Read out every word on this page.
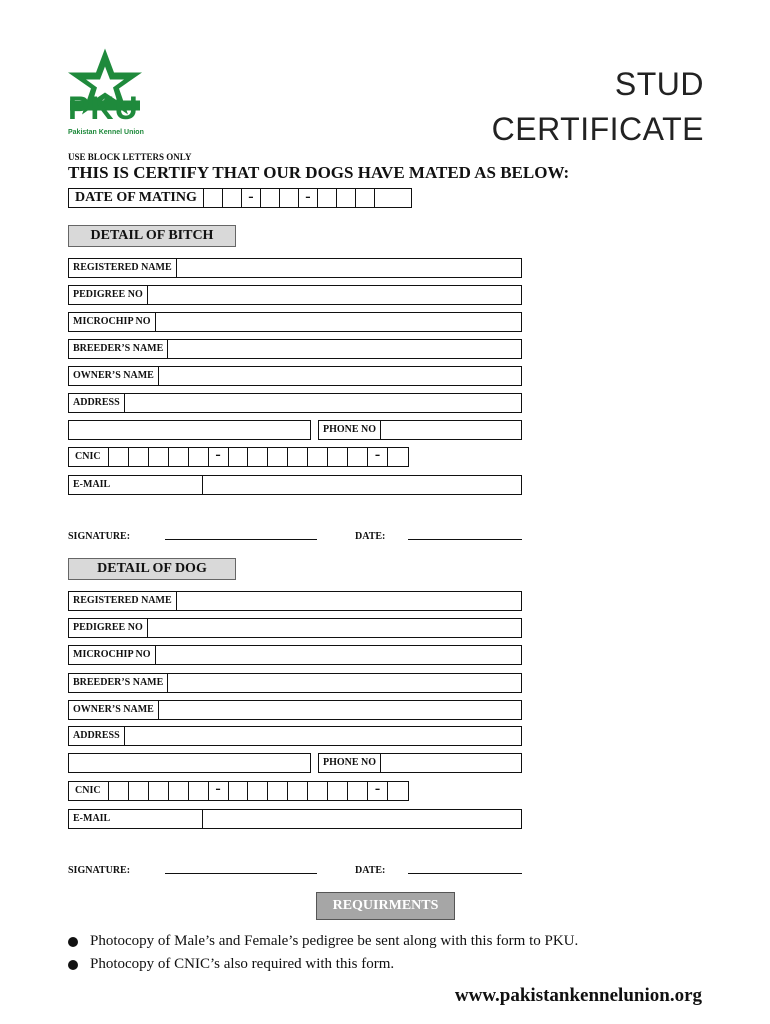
PKU
Pakistan Kennel Union
STUD
CERTIFICATE
USE BLOCK LETTERS ONLY
THIS IS CERTIFY THAT OUR DOGS HAVE MATED AS BELOW:
DATE OF MATING	-	-
DETAIL OF BITCH
REGISTERED NAME
PEDIGREE NO
MICROCHIP NO
BREEDER’S NAME
OWNER’S NAME
ADDRESS
PHONE NO
CNIC	-	-
E-MAIL
SIGNATURE:	DATE:
DETAIL OF DOG
REGISTERED NAME
PEDIGREE NO
MICROCHIP NO
BREEDER’S NAME
OWNER’S NAME
ADDRESS
PHONE NO
CNIC	-	-
E-MAIL
SIGNATURE:	DATE:
REQUIRMENTS
Photocopy of Male’s and Female’s pedigree be sent along with this form to PKU.
Photocopy of CNIC’s also required with this form.
www.pakistankennelunion.org
